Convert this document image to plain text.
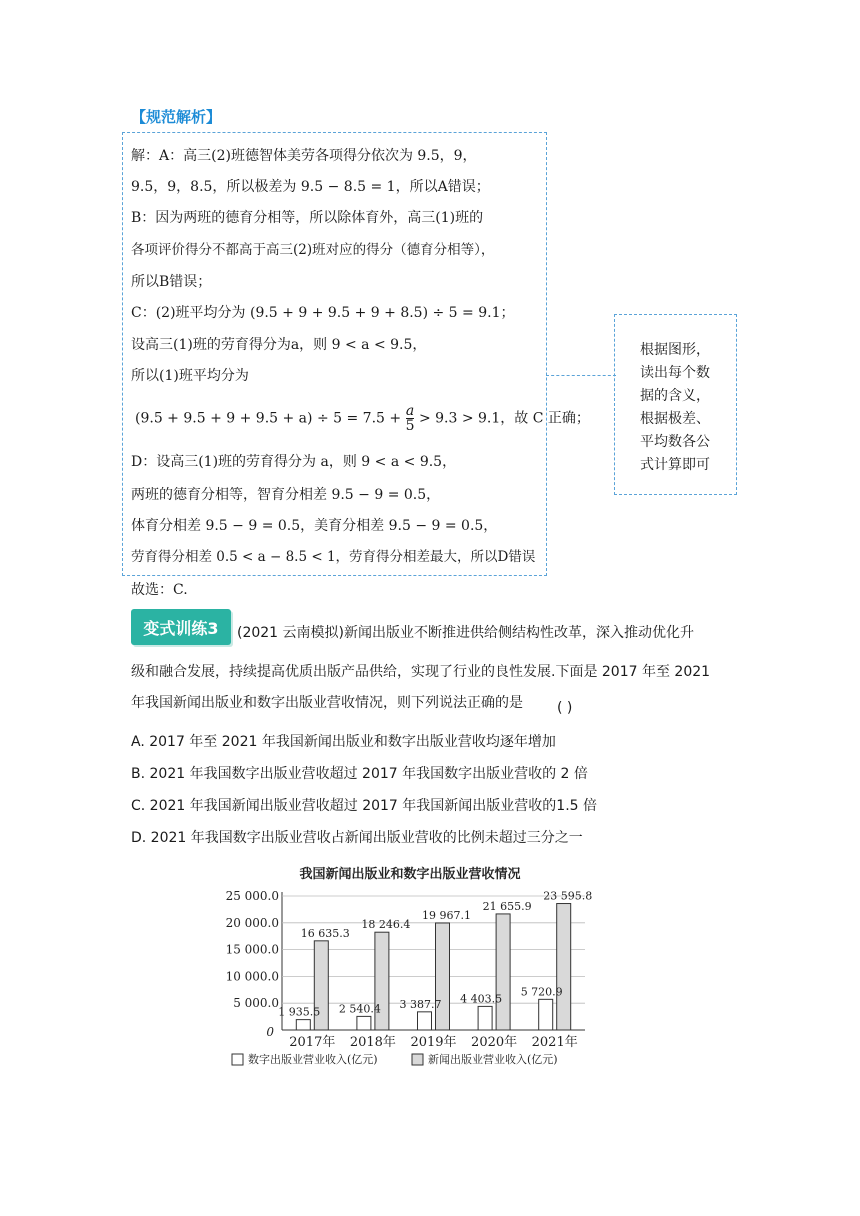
【规范解析】
解：A：高三(2)班德智体美劳各项得分依次为 9.5，9，
9.5，9，8.5，所以极差为 9.5 − 8.5 = 1，所以A错误；
B：因为两班的德育分相等，所以除体育外，高三(1)班的
各项评价得分不都高于高三(2)班对应的得分（德育分相等），
所以B错误；
C：(2)班平均分为 (9.5 + 9 + 9.5 + 9 + 8.5) ÷ 5 = 9.1；
设高三(1)班的劳育得分为a，则 9 < a < 9.5，
所以(1)班平均分为
$(9.5 + 9.5 + 9 + 9.5 + a) \div 5 = 7.5 + \frac{a}{5} > 9.3 > 9.1$，故 C 正确；
D：设高三(1)班的劳育得分为 a，则 9 < a < 9.5，
两班的德育分相等，智育分相差 9.5 − 9 = 0.5，
体育分相差 9.5 − 9 = 0.5，美育分相差 9.5 − 9 = 0.5，
劳育得分相差 0.5 < a − 8.5 < 1，劳育得分相差最大，所以D错误
故选：C.
根据图形，
读出每个数
据的含义，
根据极差、
平均数各公
式计算即可
变式训练3	(2021 云南模拟)新闻出版业不断推进供给侧结构性改革，深入推动优化升
级和融合发展，持续提高优质出版产品供给，实现了行业的良性发展.下面是 2017 年至 2021
年我国新闻出版业和数字出版业营收情况，则下列说法正确的是 ( )
A. 2017 年至 2021 年我国新闻出版业和数字出版业营收均逐年增加
B. 2021 年我国数字出版业营收超过 2017 年我国数字出版业营收的 2 倍
C. 2021 年我国新闻出版业营收超过 2017 年我国新闻出版业营收的1.5 倍
D. 2021 年我国数字出版业营收占新闻出版业营收的比例未超过三分之一
我国新闻出版业和数字出版业营收情况
0
5 000.0
10 000.0
15 000.0
20 000.0
25 000.0
1 935.5
16 635.3
2017年
2 540.4
18 246.4
2018年
3 387.7
19 967.1
2019年
4 403.5
21 655.9
2020年
5 720.9
23 595.8
2021年
数字出版业营业收入(亿元)	新闻出版业营业收入(亿元)
